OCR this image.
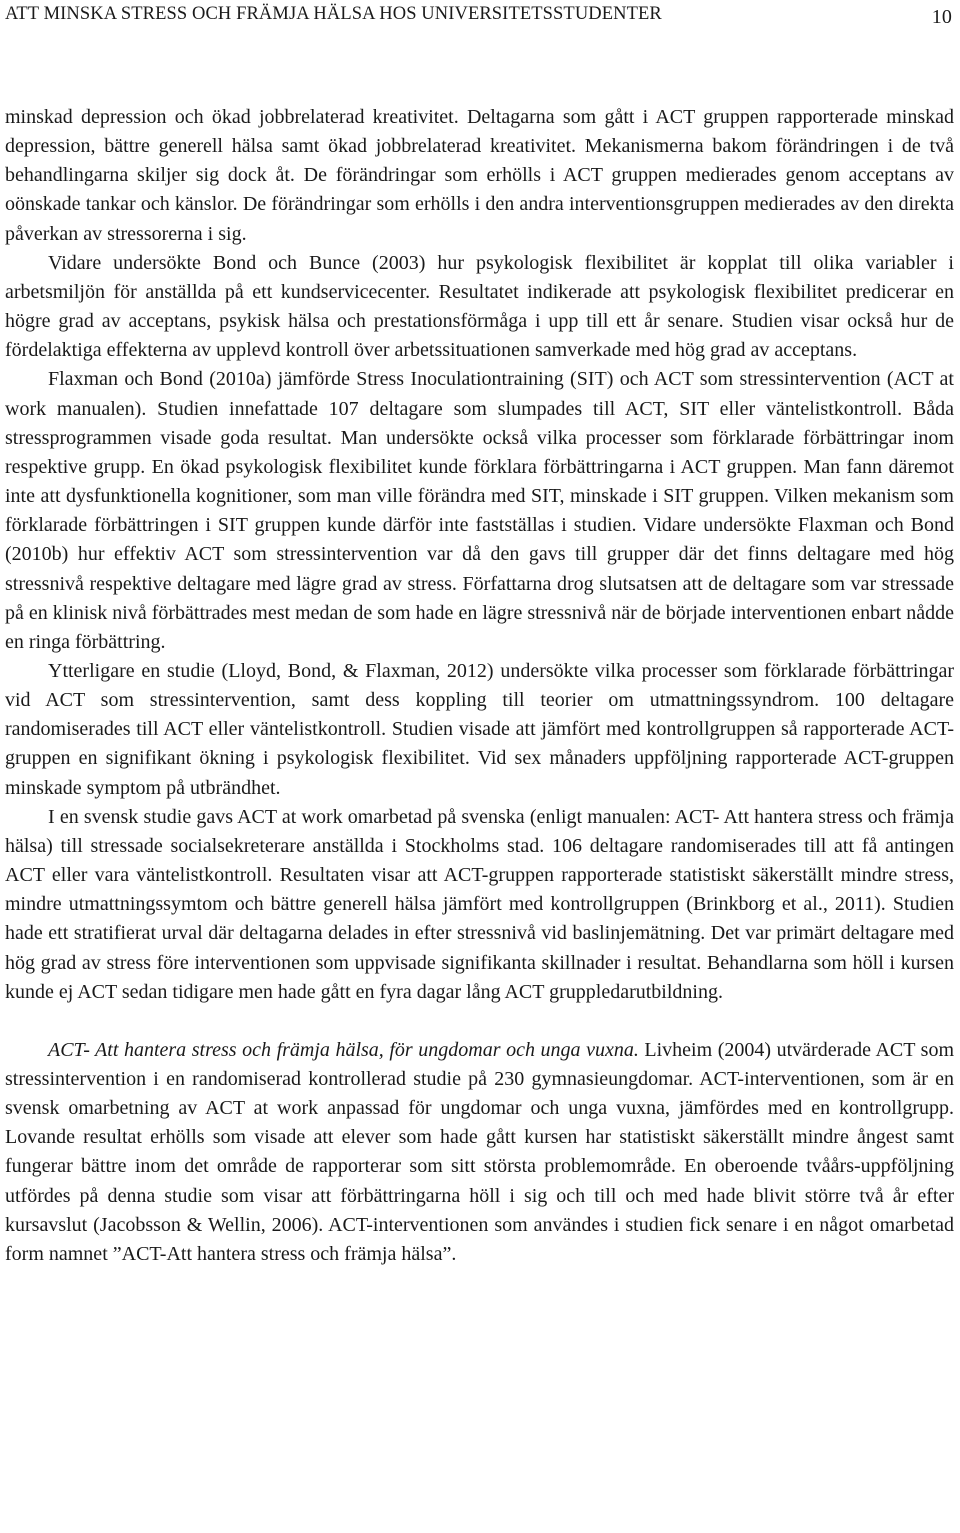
ATT MINSKA STRESS OCH FRÄMJA HÄLSA HOS UNIVERSITETSSTUDENTER	10

minskad depression och ökad jobbrelaterad kreativitet. Deltagarna som gått i ACT gruppen rapporterade minskad depression, bättre generell hälsa samt ökad jobbrelaterad kreativitet. Mekanismerna bakom förändringen i de två behandlingarna skiljer sig dock åt. De förändringar som erhölls i ACT gruppen medierades genom acceptans av oönskade tankar och känslor. De förändringar som erhölls i den andra interventionsgruppen medierades av den direkta påverkan av stressorerna i sig.

Vidare undersökte Bond och Bunce (2003) hur psykologisk flexibilitet är kopplat till olika variabler i arbetsmiljön för anställda på ett kundservicecenter. Resultatet indikerade att psykologisk flexibilitet predicerar en högre grad av acceptans, psykisk hälsa och prestationsförmåga i upp till ett år senare. Studien visar också hur de fördelaktiga effekterna av upplevd kontroll över arbetssituationen samverkade med hög grad av acceptans.

Flaxman och Bond (2010a) jämförde Stress Inoculationtraining (SIT) och ACT som stressintervention (ACT at work manualen). Studien innefattade 107 deltagare som slumpades till ACT, SIT eller väntelistkontroll. Båda stressprogrammen visade goda resultat. Man undersökte också vilka processer som förklarade förbättringar inom respektive grupp. En ökad psykologisk flexibilitet kunde förklara förbättringarna i ACT gruppen. Man fann däremot inte att dysfunktionella kognitioner, som man ville förändra med SIT, minskade i SIT gruppen. Vilken mekanism som förklarade förbättringen i SIT gruppen kunde därför inte fastställas i studien. Vidare undersökte Flaxman och Bond (2010b) hur effektiv ACT som stressintervention var då den gavs till grupper där det finns deltagare med hög stressnivå respektive deltagare med lägre grad av stress. Författarna drog slutsatsen att de deltagare som var stressade på en klinisk nivå förbättrades mest medan de som hade en lägre stressnivå när de började interventionen enbart nådde en ringa förbättring.

Ytterligare en studie (Lloyd, Bond, & Flaxman, 2012) undersökte vilka processer som förklarade förbättringar vid ACT som stressintervention, samt dess koppling till teorier om utmattningssyndrom. 100 deltagare randomiserades till ACT eller väntelistkontroll. Studien visade att jämfört med kontrollgruppen så rapporterade ACT-gruppen en signifikant ökning i psykologisk flexibilitet. Vid sex månaders uppföljning rapporterade ACT-gruppen minskade symptom på utbrändhet.

I en svensk studie gavs ACT at work omarbetad på svenska (enligt manualen: ACT- Att hantera stress och främja hälsa) till stressade socialsekreterare anställda i Stockholms stad. 106 deltagare randomiserades till att få antingen ACT eller vara väntelistkontroll. Resultaten visar att ACT-gruppen rapporterade statistiskt säkerställt mindre stress, mindre utmattningssymtom och bättre generell hälsa jämfört med kontrollgruppen (Brinkborg et al., 2011). Studien hade ett stratifierat urval där deltagarna delades in efter stressnivå vid baslinjemätning. Det var primärt deltagare med hög grad av stress före interventionen som uppvisade signifikanta skillnader i resultat. Behandlarna som höll i kursen kunde ej ACT sedan tidigare men hade gått en fyra dagar lång ACT gruppledarutbildning.

ACT- Att hantera stress och främja hälsa, för ungdomar och unga vuxna. Livheim (2004) utvärderade ACT som stressintervention i en randomiserad kontrollerad studie på 230 gymnasieungdomar. ACT-interventionen, som är en svensk omarbetning av ACT at work anpassad för ungdomar och unga vuxna, jämfördes med en kontrollgrupp. Lovande resultat erhölls som visade att elever som hade gått kursen har statistiskt säkerställt mindre ångest samt fungerar bättre inom det område de rapporterar som sitt största problemområde. En oberoende tvåårs-uppföljning utfördes på denna studie som visar att förbättringarna höll i sig och till och med hade blivit större två år efter kursavslut (Jacobsson & Wellin, 2006). ACT-interventionen som användes i studien fick senare i en något omarbetad form namnet ”ACT-Att hantera stress och främja hälsa”.
